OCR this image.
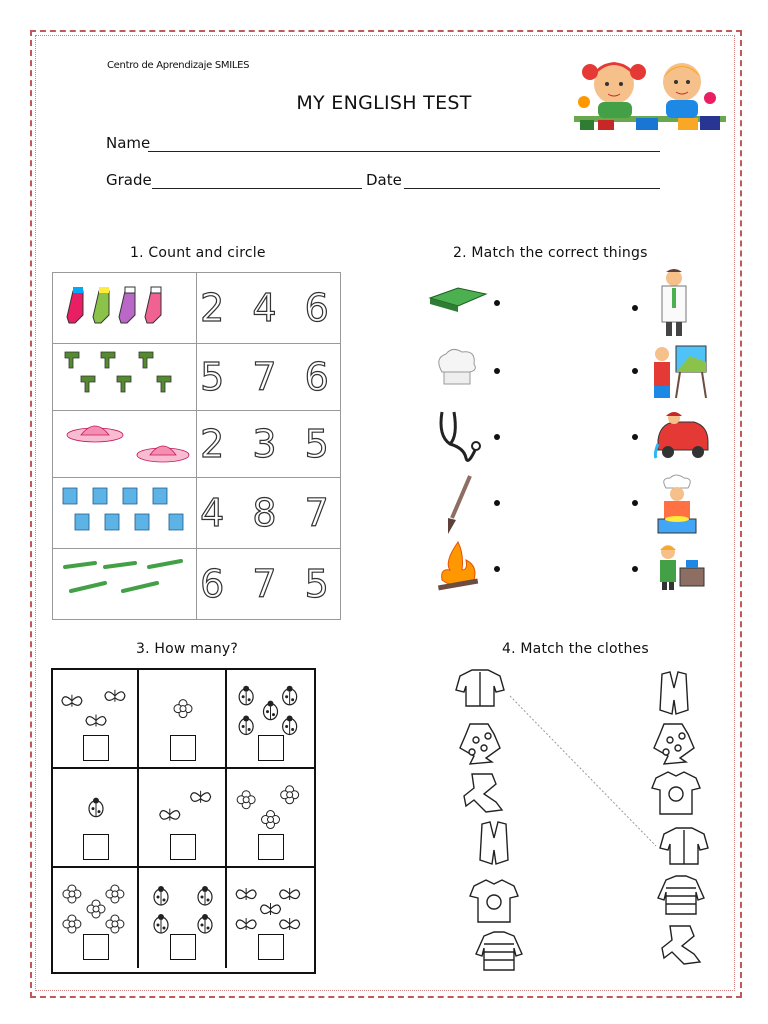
Centro de Aprendizaje SMILES
MY ENGLISH TEST
Name
Grade	Date
1. Count and circle	2. Match the correct things
3. How many?	4. Match the clothes
	2 4 6
	5 7 6
	2 3 5
	4 8 7
	6 7 5
